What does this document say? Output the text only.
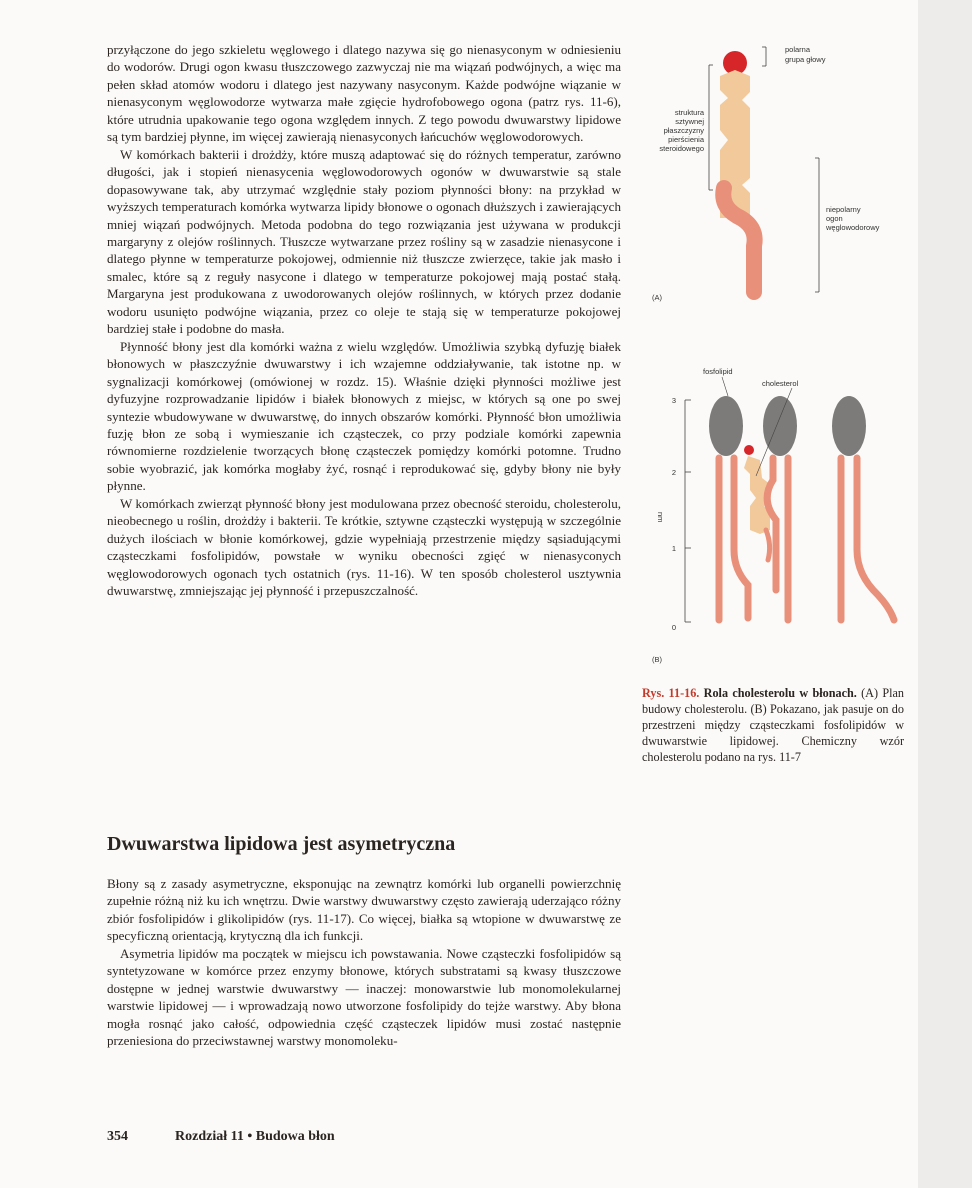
przyłączone do jego szkieletu węglowego i dlatego nazywa się go nienasyconym w odniesieniu do wodorów. Drugi ogon kwasu tłuszczowego zazwyczaj nie ma wiązań podwójnych, a więc ma pełen skład atomów wodoru i dlatego jest nazywany nasyconym. Każde podwójne wiązanie w nienasyconym węglowodorze wytwarza małe zgięcie hydrofobowego ogona (patrz rys. 11-6), które utrudnia upakowanie tego ogona względem innych. Z tego powodu dwuwarstwy lipidowe są tym bardziej płynne, im więcej zawierają nienasyconych łańcuchów węglowodorowych.

W komórkach bakterii i drożdży, które muszą adaptować się do różnych temperatur, zarówno długości, jak i stopień nienasycenia węglowodorowych ogonów w dwuwarstwie są stale dopasowywane tak, aby utrzymać względnie stały poziom płynności błony: na przykład w wyższych temperaturach komórka wytwarza lipidy błonowe o ogonach dłuższych i zawierających mniej wiązań podwójnych. Metoda podobna do tego rozwiązania jest używana w produkcji margaryny z olejów roślinnych. Tłuszcze wytwarzane przez rośliny są w zasadzie nienasycone i dlatego płynne w temperaturze pokojowej, odmiennie niż tłuszcze zwierzęce, takie jak masło i smalec, które są z reguły nasycone i dlatego w temperaturze pokojowej mają postać stałą. Margaryna jest produkowana z uwodorowanych olejów roślinnych, w których przez dodanie wodoru usunięto podwójne wiązania, przez co oleje te stają się w temperaturze pokojowej bardziej stałe i podobne do masła.

Płynność błony jest dla komórki ważna z wielu względów. Umożliwia szybką dyfuzję białek błonowych w płaszczyźnie dwuwarstwy i ich wzajemne oddziaływanie, tak istotne np. w sygnalizacji komórkowej (omówionej w rozdz. 15). Właśnie dzięki płynności możliwe jest dyfuzyjne rozprowadzanie lipidów i białek błonowych z miejsc, w których są one po swej syntezie wbudowywane w dwuwarstwę, do innych obszarów komórki. Płynność błon umożliwia fuzję błon ze sobą i wymieszanie ich cząsteczek, co przy podziale komórki zapewnia równomierne rozdzielenie tworzących błonę cząsteczek pomiędzy komórki potomne. Trudno sobie wyobrazić, jak komórka mogłaby żyć, rosnąć i reprodukować się, gdyby błony nie były płynne.

W komórkach zwierząt płynność błony jest modulowana przez obecność steroidu, cholesterolu, nieobecnego u roślin, drożdży i bakterii. Te krótkie, sztywne cząsteczki występują w szczególnie dużych ilościach w błonie komórkowej, gdzie wypełniają przestrzenie między sąsiadującymi cząsteczkami fosfolipidów, powstałe w wyniku obecności zgięć w nienasyconych węglowodorowych ogonach tych ostatnich (rys. 11-16). W ten sposób cholesterol usztywnia dwuwarstwę, zmniejszając jej płynność i przepuszczalność.

Dwuwarstwa lipidowa jest asymetryczna

Błony są z zasady asymetryczne, eksponując na zewnątrz komórki lub organelli powierzchnię zupełnie różną niż ku ich wnętrzu. Dwie warstwy dwuwarstwy często zawierają uderzająco różny zbiór fosfolipidów i glikolipidów (rys. 11-17). Co więcej, białka są wtopione w dwuwarstwę ze specyficzną orientacją, krytyczną dla ich funkcji.

Asymetria lipidów ma początek w miejscu ich powstawania. Nowe cząsteczki fosfolipidów są syntetyzowane w komórce przez enzymy błonowe, których substratami są kwasy tłuszczowe dostępne w jednej warstwie dwuwarstwy — inaczej: monowarstwie lub monomolekularnej warstwie lipidowej — i wprowadzają nowo utworzone fosfolipidy do tejże warstwy. Aby błona mogła rosnąć jako całość, odpowiednia część cząsteczek lipidów musi zostać następnie przeniesiona do przeciwstawnej warstwy monomoleku-

polarna
grupa głowy
struktura
sztywnej
płaszczyzny
pierścienia
steroidowego
niepolarny
ogon
węglowodorowy
(A)
3
2
1
0
nm
fosfolipid
cholesterol
(B)
Rys. 11-16. Rola cholesterolu w błonach. (A) Plan budowy cholesterolu. (B) Pokazano, jak pasuje on do przestrzeni między cząsteczkami fosfolipidów w dwuwarstwie lipidowej. Chemiczny wzór cholesterolu podano na rys. 11-7
354	Rozdział 11 • Budowa błon
